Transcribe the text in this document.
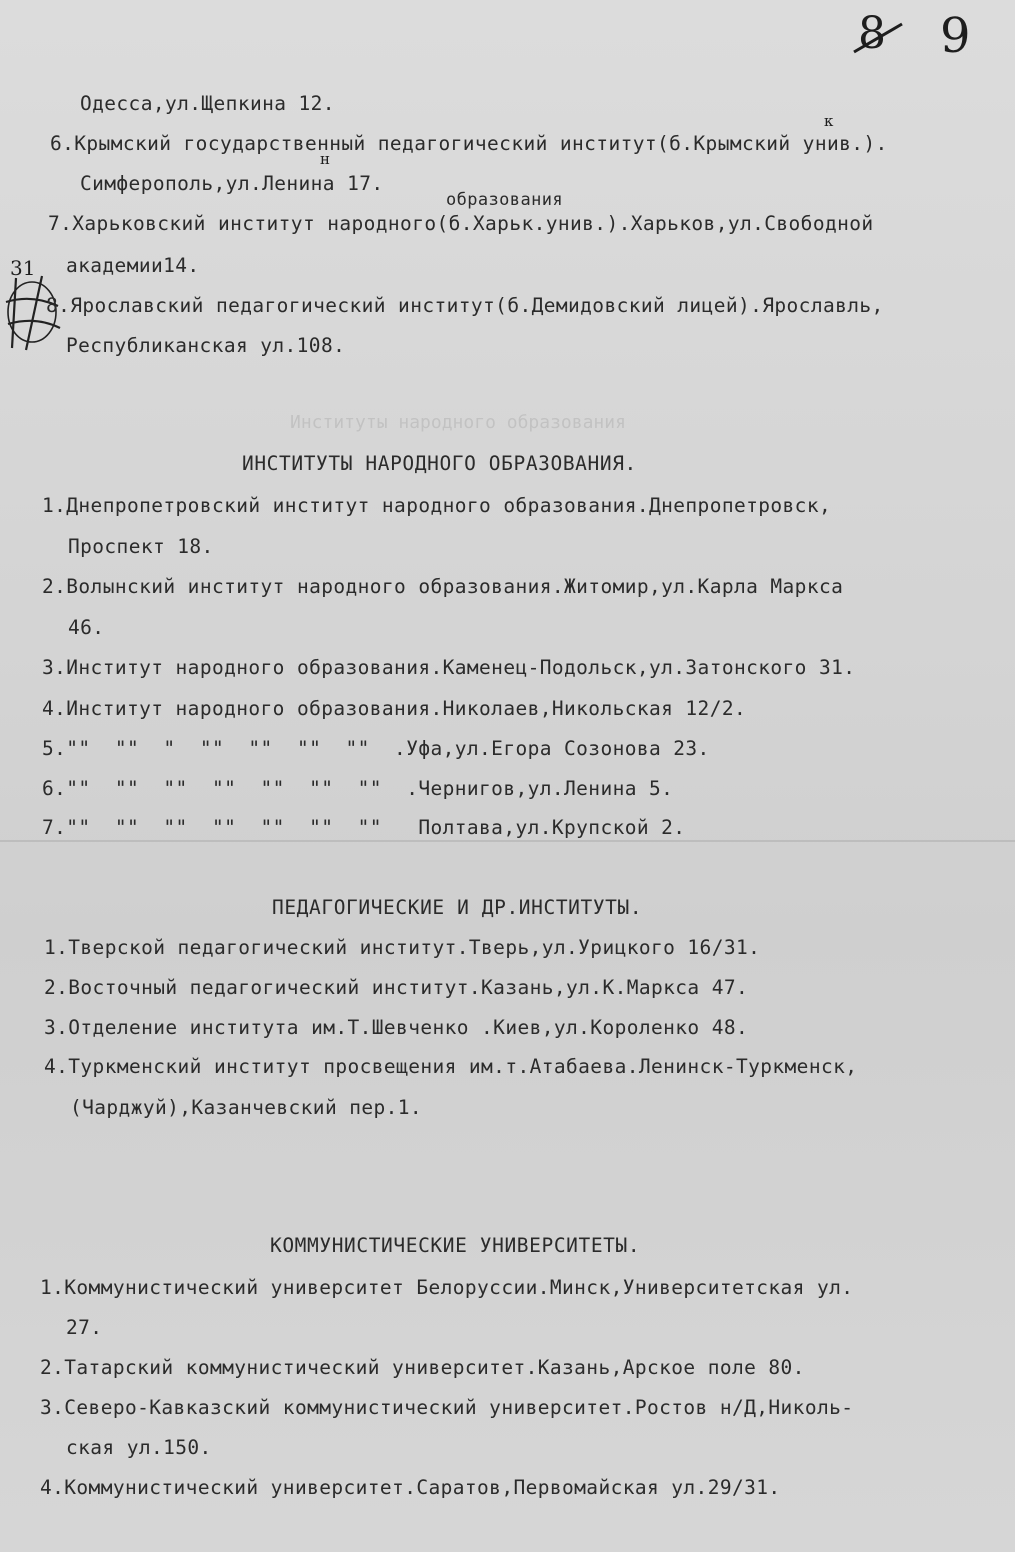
8 9
31
Одесса,ул.Щепкина 12.
6.Крымский государственный педагогический институт(б.Крымский унив.).
к
Симферополь,ул.Ленина 17.
н
образования
7.Харьковский институт народного(б.Харьк.унив.).Харьков,ул.Свободной
академии14.
8.Ярославский педагогический институт(б.Демидовский лицей).Ярославль,
Республиканская ул.108.
Институты народного образования
ИНСТИТУТЫ НАРОДНОГО ОБРАЗОВАНИЯ.
1.Днепропетровский институт народного образования.Днепропетровск,
Проспект 18.
2.Волынский институт народного образования.Житомир,ул.Карла Маркса
46.
3.Институт народного образования.Каменец-Подольск,ул.Затонского 31.
4.Институт народного образования.Николаев,Никольская 12/2.
5.""  ""  "  ""  ""  ""  ""  .Уфа,ул.Егора Созонова 23.
6.""  ""  ""  ""  ""  ""  ""  .Чернигов,ул.Ленина 5.
7.""  ""  ""  ""  ""  ""  ""   Полтава,ул.Крупской 2.
ПЕДАГОГИЧЕСКИЕ И ДР.ИНСТИТУТЫ.
1.Тверской педагогический институт.Тверь,ул.Урицкого 16/31.
2.Восточный педагогический институт.Казань,ул.К.Маркса 47.
3.Отделение института им.Т.Шевченко .Киев,ул.Короленко 48.
4.Туркменский институт просвещения им.т.Атабаева.Ленинск-Туркменск,
(Чарджуй),Казанчевский пер.1.
КОММУНИСТИЧЕСКИЕ УНИВЕРСИТЕТЫ.
1.Коммунистический университет Белоруссии.Минск,Университетская ул.
27.
2.Татарский коммунистический университет.Казань,Арское поле 80.
3.Северо-Кавказский коммунистический университет.Ростов н/Д,Николь-
ская ул.150.
4.Коммунистический университет.Саратов,Первомайская ул.29/31.
